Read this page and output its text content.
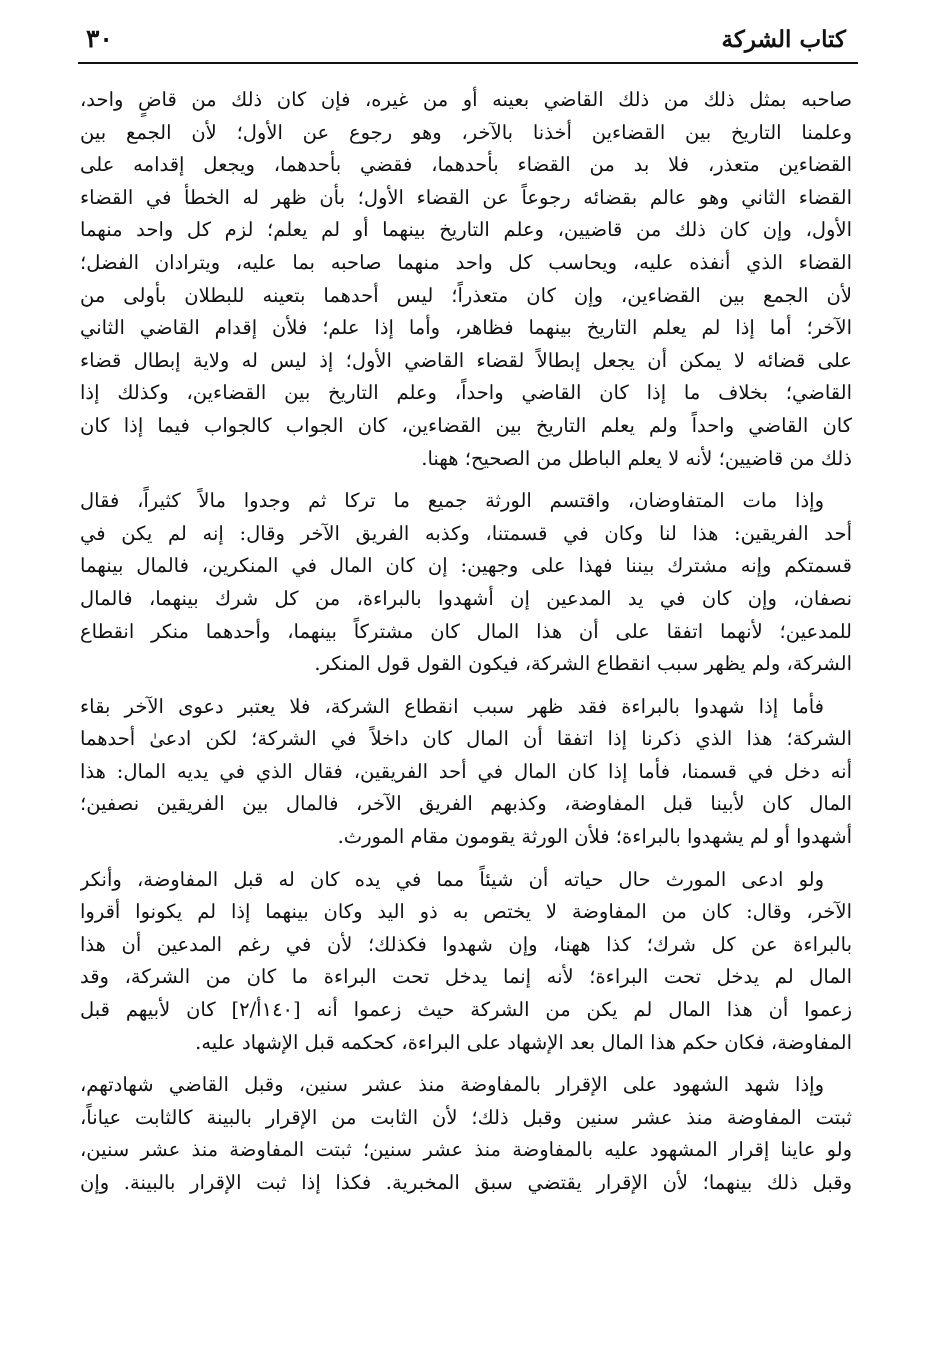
كتاب الشركة
٣٠

صاحبه بمثل ذلك من ذلك القاضي بعينه أو من غيره، فإن كان ذلك من قاضٍ واحد،
وعلمنا التاريخ بين القضاءين أخذنا بالآخر، وهو رجوع عن الأول؛ لأن الجمع بين
القضاءين متعذر، فلا بد من القضاء بأحدهما، فقضي بأحدهما، ويجعل إقدامه على
القضاء الثاني وهو عالم بقضائه رجوعاً عن القضاء الأول؛ بأن ظهر له الخطأ في القضاء
الأول، وإن كان ذلك من قاضيين، وعلم التاريخ بينهما أو لم يعلم؛ لزم كل واحد منهما
القضاء الذي أنفذه عليه، ويحاسب كل واحد منهما صاحبه بما عليه، ويترادان الفضل؛
لأن الجمع بين القضاءين، وإن كان متعذراً؛ ليس أحدهما بتعينه للبطلان بأولى من
الآخر؛ أما إذا لم يعلم التاريخ بينهما فظاهر، وأما إذا علم؛ فلأن إقدام القاضي الثاني
على قضائه لا يمكن أن يجعل إبطالاً لقضاء القاضي الأول؛ إذ ليس له ولاية إبطال قضاء
القاضي؛ بخلاف ما إذا كان القاضي واحداً، وعلم التاريخ بين القضاءين، وكذلك إذا
كان القاضي واحداً ولم يعلم التاريخ بين القضاءين، كان الجواب كالجواب فيما إذا كان
ذلك من قاضيين؛ لأنه لا يعلم الباطل من الصحيح؛ ههنا.

وإذا مات المتفاوضان، واقتسم الورثة جميع ما تركا ثم وجدوا مالاً كثيراً، فقال
أحد الفريقين: هذا لنا وكان في قسمتنا، وكذبه الفريق الآخر وقال: إنه لم يكن في
قسمتكم وإنه مشترك بيننا فهذا على وجهين: إن كان المال في المنكرين، فالمال بينهما
نصفان، وإن كان في يد المدعين إن أشهدوا بالبراءة، من كل شرك بينهما، فالمال
للمدعين؛ لأنهما اتفقا على أن هذا المال كان مشتركاً بينهما، وأحدهما منكر انقطاع
الشركة، ولم يظهر سبب انقطاع الشركة، فيكون القول قول المنكر.

فأما إذا شهدوا بالبراءة فقد ظهر سبب انقطاع الشركة، فلا يعتبر دعوى الآخر بقاء
الشركة؛ هذا الذي ذكرنا إذا اتفقا أن المال كان داخلاً في الشركة؛ لكن ادعىٰ أحدهما
أنه دخل في قسمنا، فأما إذا كان المال في أحد الفريقين، فقال الذي في يديه المال: هذا
المال كان لأبينا قبل المفاوضة، وكذبهم الفريق الآخر، فالمال بين الفريقين نصفين؛
أشهدوا أو لم يشهدوا بالبراءة؛ فلأن الورثة يقومون مقام المورث.

ولو ادعى المورث حال حياته أن شيئاً مما في يده كان له قبل المفاوضة، وأنكر
الآخر، وقال: كان من المفاوضة لا يختص به ذو اليد وكان بينهما إذا لم يكونوا أقروا
بالبراءة عن كل شرك؛ كذا ههنا، وإن شهدوا فكذلك؛ لأن في رغم المدعين أن هذا
المال لم يدخل تحت البراءة؛ لأنه إنما يدخل تحت البراءة ما كان من الشركة، وقد
زعموا أن هذا المال لم يكن من الشركة حيث زعموا أنه [١٤٠أ/٢] كان لأبيهم قبل
المفاوضة، فكان حكم هذا المال بعد الإشهاد على البراءة، كحكمه قبل الإشهاد عليه.

وإذا شهد الشهود على الإقرار بالمفاوضة منذ عشر سنين، وقبل القاضي شهادتهم،
ثبتت المفاوضة منذ عشر سنين وقبل ذلك؛ لأن الثابت من الإقرار بالبينة كالثابت عياناً،
ولو عاينا إقرار المشهود عليه بالمفاوضة منذ عشر سنين؛ ثبتت المفاوضة منذ عشر سنين،
وقبل ذلك بينهما؛ لأن الإقرار يقتضي سبق المخبرية. فكذا إذا ثبت الإقرار بالبينة. وإن
